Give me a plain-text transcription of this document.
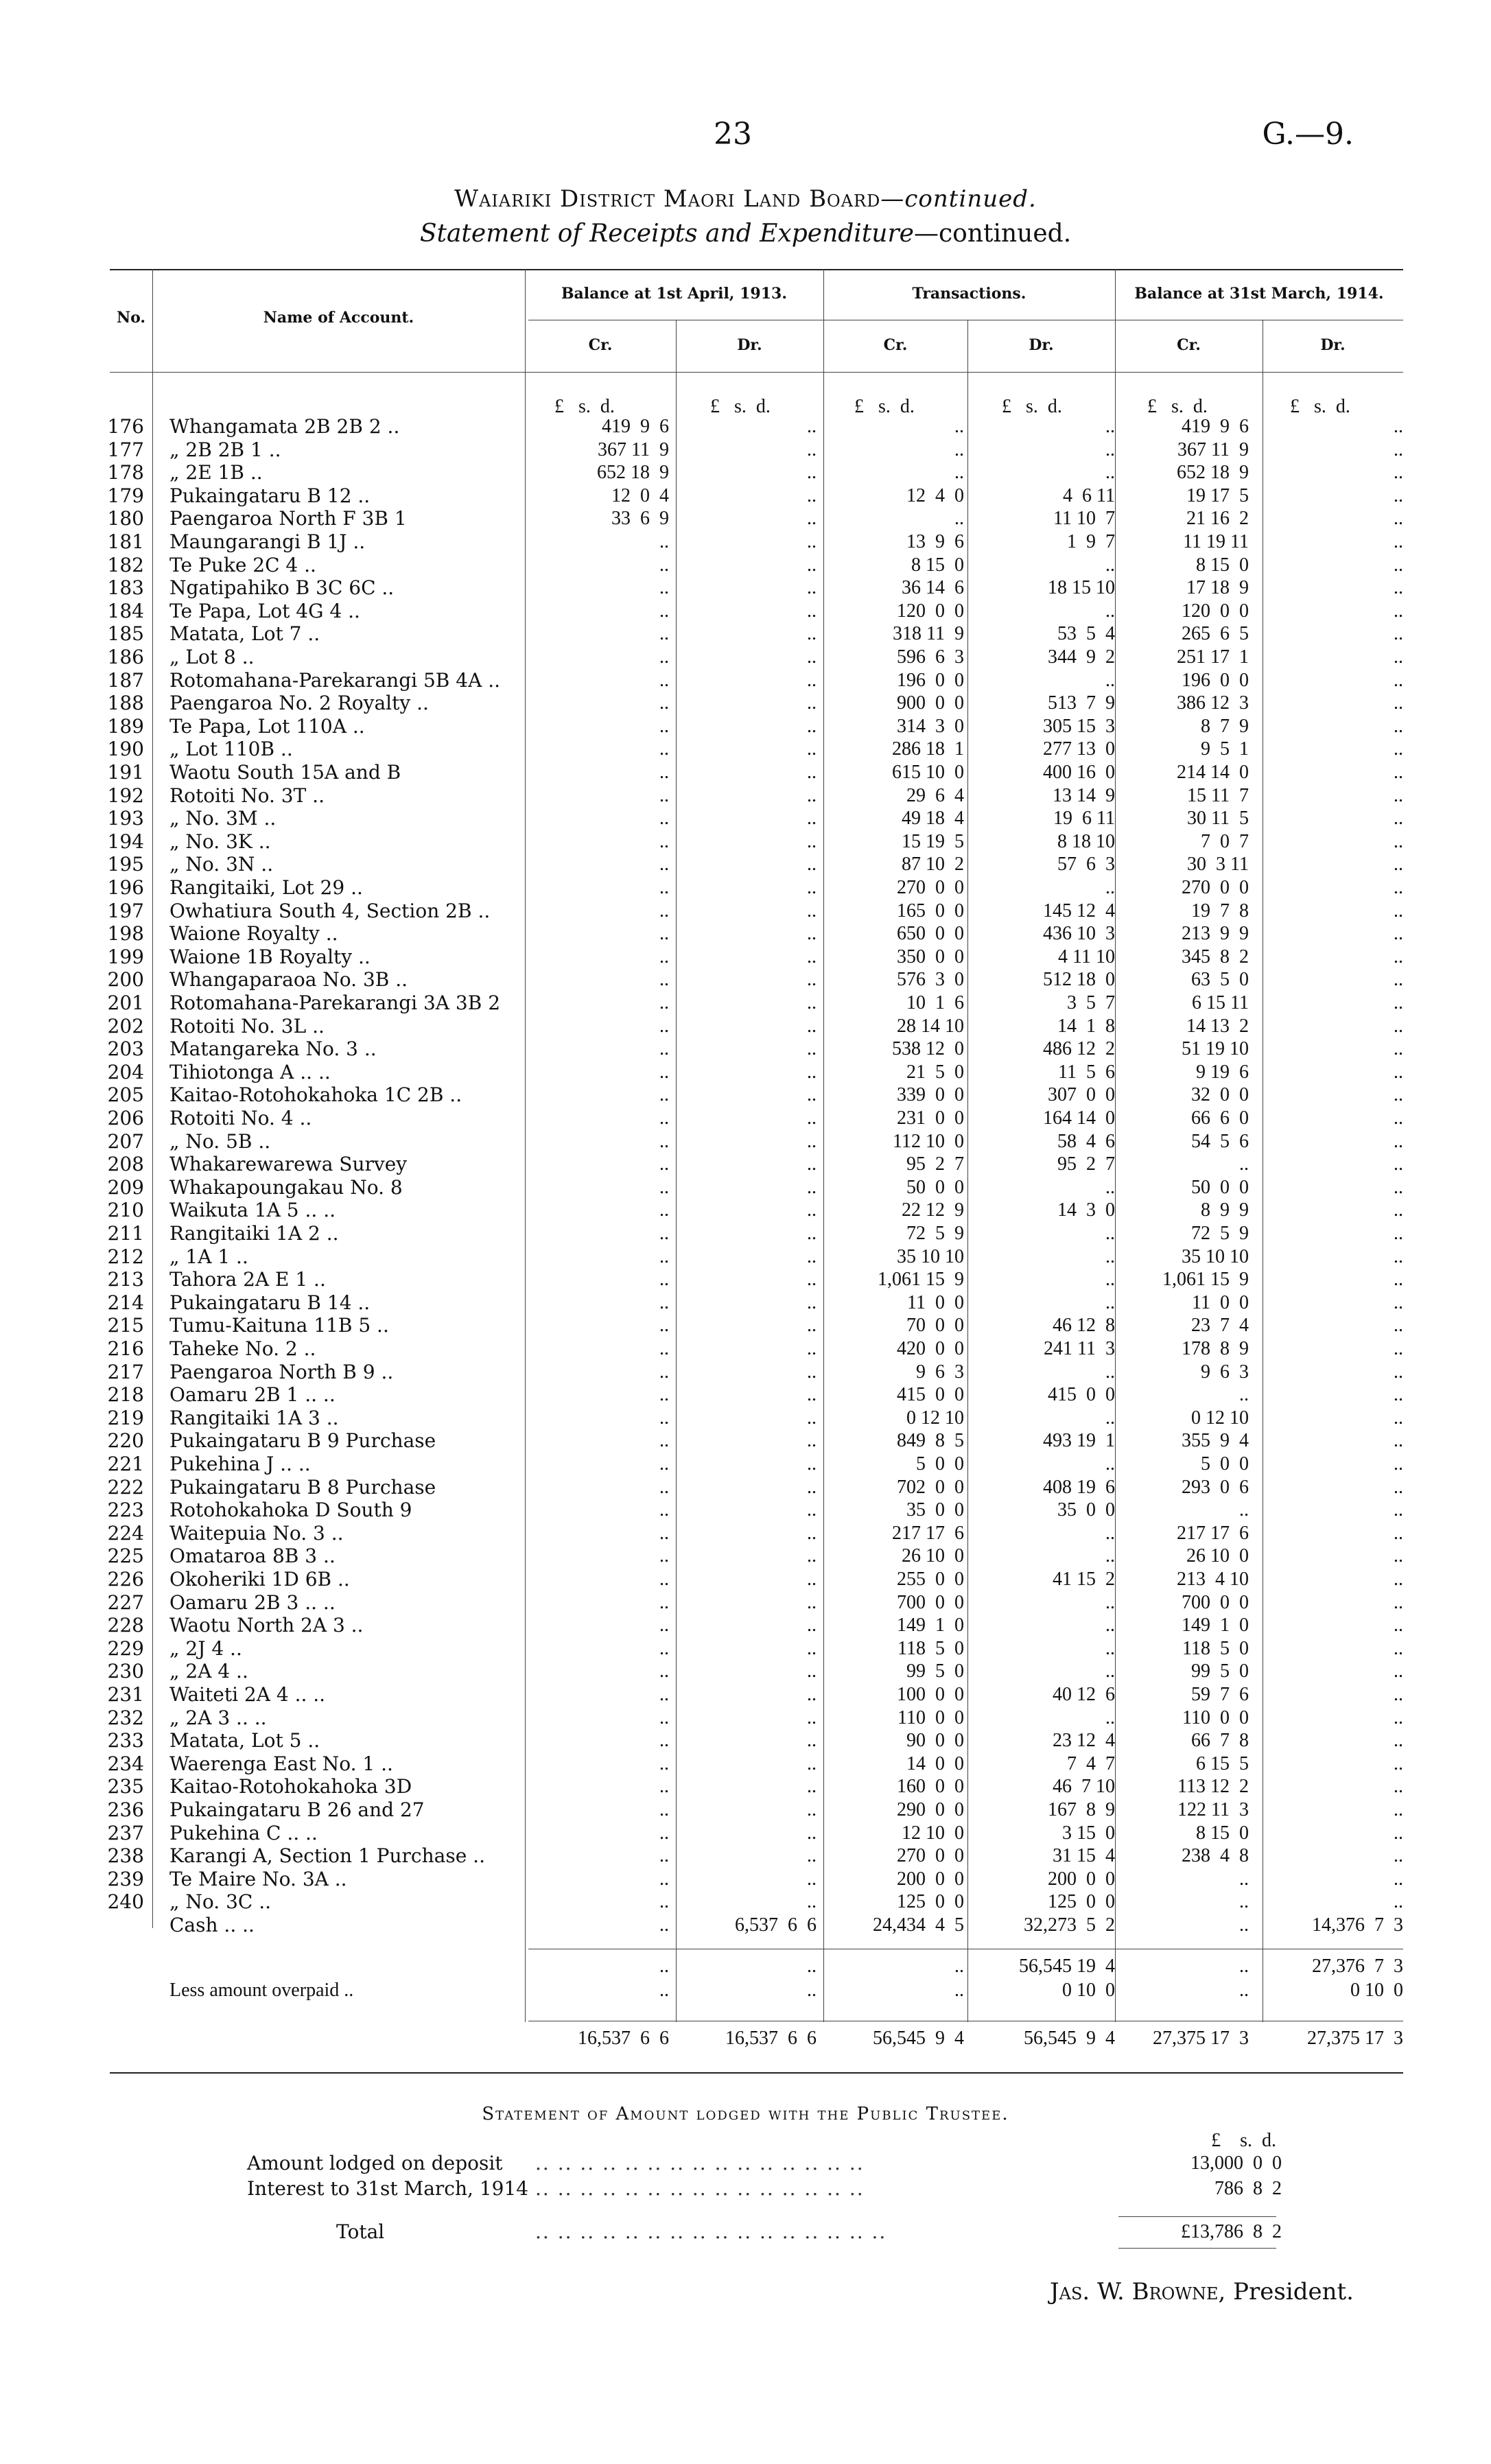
23	G.—9.
Waiariki District Maori Land Board—continued.
Statement of Receipts and Expenditure—continued.
No.	Name of Account.
Balance at 1st April, 1913.	Transactions.	Balance at 31st March, 1914.
Cr.	Dr.	Cr.	Dr.	Cr.	Dr.
£   s.  d.	£   s.  d.	£   s.  d.	£   s.  d.	£   s.  d.	£   s.  d.
176 Whangamata 2B 2B 2 ..	419  9  6	..	..	..	419  9  6	..
177 „ 2B 2B 1 ..	367 11  9	..	..	..	367 11  9	..
178 „ 2E 1B ..	652 18  9	..	..	..	652 18  9	..
179 Pukaingataru B 12 ..	12  0  4	..	12  4  0	4  6 11	19 17  5	..
180 Paengaroa North F 3B 1	33  6  9	..	..	11 10  7	21 16  2	..
181 Maungarangi B 1J ..	..	..	13  9  6	1  9  7	11 19 11	..
182 Te Puke 2C 4 ..	..	..	8 15  0	..	8 15  0	..
183 Ngatipahiko B 3C 6C ..	..	..	36 14  6	18 15 10	17 18  9	..
184 Te Papa, Lot 4G 4 ..	..	..	120  0  0	..	120  0  0	..
185 Matata, Lot 7 ..	..	..	318 11  9	53  5  4	265  6  5	..
186 „ Lot 8 ..	..	..	596  6  3	344  9  2	251 17  1	..
187 Rotomahana-Parekarangi 5B 4A ..	..	..	196  0  0	..	196  0  0	..
188 Paengaroa No. 2 Royalty ..	..	..	900  0  0	513  7  9	386 12  3	..
189 Te Papa, Lot 110A ..	..	..	314  3  0	305 15  3	8  7  9	..
190 „ Lot 110B ..	..	..	286 18  1	277 13  0	9  5  1	..
191 Waotu South 15A and B	..	..	615 10  0	400 16  0	214 14  0	..
192 Rotoiti No. 3T ..	..	..	29  6  4	13 14  9	15 11  7	..
193 „ No. 3M ..	..	..	49 18  4	19  6 11	30 11  5	..
194 „ No. 3K ..	..	..	15 19  5	8 18 10	7  0  7	..
195 „ No. 3N ..	..	..	87 10  2	57  6  3	30  3 11	..
196 Rangitaiki, Lot 29 ..	..	..	270  0  0	..	270  0  0	..
197 Owhatiura South 4, Section 2B ..	..	..	165  0  0	145 12  4	19  7  8	..
198 Waione Royalty ..	..	..	650  0  0	436 10  3	213  9  9	..
199 Waione 1B Royalty ..	..	..	350  0  0	4 11 10	345  8  2	..
200 Whangaparaoa No. 3B ..	..	..	576  3  0	512 18  0	63  5  0	..
201 Rotomahana-Parekarangi 3A 3B 2	..	..	10  1  6	3  5  7	6 15 11	..
202 Rotoiti No. 3L ..	..	..	28 14 10	14  1  8	14 13  2	..
203 Matangareka No. 3 ..	..	..	538 12  0	486 12  2	51 19 10	..
204 Tihiotonga A .. ..	..	..	21  5  0	11  5  6	9 19  6	..
205 Kaitao-Rotohokahoka 1C 2B ..	..	..	339  0  0	307  0  0	32  0  0	..
206 Rotoiti No. 4 ..	..	..	231  0  0	164 14  0	66  6  0	..
207 „ No. 5B ..	..	..	112 10  0	58  4  6	54  5  6	..
208 Whakarewarewa Survey	..	..	95  2  7	95  2  7	..	..
209 Whakapoungakau No. 8	..	..	50  0  0	..	50  0  0	..
210 Waikuta 1A 5 .. ..	..	..	22 12  9	14  3  0	8  9  9	..
211 Rangitaiki 1A 2 ..	..	..	72  5  9	..	72  5  9	..
212 „ 1A 1 ..	..	..	35 10 10	..	35 10 10	..
213 Tahora 2A E 1 ..	..	..	1,061 15  9	..	1,061 15  9	..
214 Pukaingataru B 14 ..	..	..	11  0  0	..	11  0  0	..
215 Tumu-Kaituna 11B 5 ..	..	..	70  0  0	46 12  8	23  7  4	..
216 Taheke No. 2 ..	..	..	420  0  0	241 11  3	178  8  9	..
217 Paengaroa North B 9 ..	..	..	9  6  3	..	9  6  3	..
218 Oamaru 2B 1 .. ..	..	..	415  0  0	415  0  0	..	..
219 Rangitaiki 1A 3 ..	..	..	0 12 10	..	0 12 10	..
220 Pukaingataru B 9 Purchase	..	..	849  8  5	493 19  1	355  9  4	..
221 Pukehina J .. ..	..	..	5  0  0	..	5  0  0	..
222 Pukaingataru B 8 Purchase	..	..	702  0  0	408 19  6	293  0  6	..
223 Rotohokahoka D South 9	..	..	35  0  0	35  0  0	..	..
224 Waitepuia No. 3 ..	..	..	217 17  6	..	217 17  6	..
225 Omataroa 8B 3 ..	..	..	26 10  0	..	26 10  0	..
226 Okoheriki 1D 6B ..	..	..	255  0  0	41 15  2	213  4 10	..
227 Oamaru 2B 3 .. ..	..	..	700  0  0	..	700  0  0	..
228 Waotu North 2A 3 ..	..	..	149  1  0	..	149  1  0	..
229 „ 2J 4 ..	..	..	118  5  0	..	118  5  0	..
230 „ 2A 4 ..	..	..	99  5  0	..	99  5  0	..
231 Waiteti 2A 4 .. ..	..	..	100  0  0	40 12  6	59  7  6	..
232 „ 2A 3 .. ..	..	..	110  0  0	..	110  0  0	..
233 Matata, Lot 5 ..	..	..	90  0  0	23 12  4	66  7  8	..
234 Waerenga East No. 1 ..	..	..	14  0  0	7  4  7	6 15  5	..
235 Kaitao-Rotohokahoka 3D	..	..	160  0  0	46  7 10	113 12  2	..
236 Pukaingataru B 26 and 27	..	..	290  0  0	167  8  9	122 11  3	..
237 Pukehina C .. ..	..	..	12 10  0	3 15  0	8 15  0	..
238 Karangi A, Section 1 Purchase ..	..	..	270  0  0	31 15  4	238  4  8	..
239 Te Maire No. 3A ..	..	..	200  0  0	200  0  0	..	..
240 „ No. 3C ..	..	..	125  0  0	125  0  0	..	..
Cash .. ..	..	6,537  6  6	24,434  4  5	32,273  5  2	..	14,376  7  3
..	..	..	56,545 19  4	..	27,376  7  3
Less amount overpaid ..	..	..	..	0 10  0	..	0 10  0
16,537  6  6	16,537  6  6	56,545  9  4	56,545  9  4	27,375 17  3	27,375 17  3
Statement of Amount lodged with the Public Trustee.
£    s.  d.
Amount lodged on deposit .. .. .. .. .. .. .. .. .. .. .. .. .. .. ..	13,000  0  0
Interest to 31st March, 1914 .. .. .. .. .. .. .. .. .. .. .. .. .. .. ..	786  8  2
Total	.. .. .. .. .. .. .. .. .. .. .. .. .. .. .. ..	£13,786  8  2
Jas. W. Browne, President.
